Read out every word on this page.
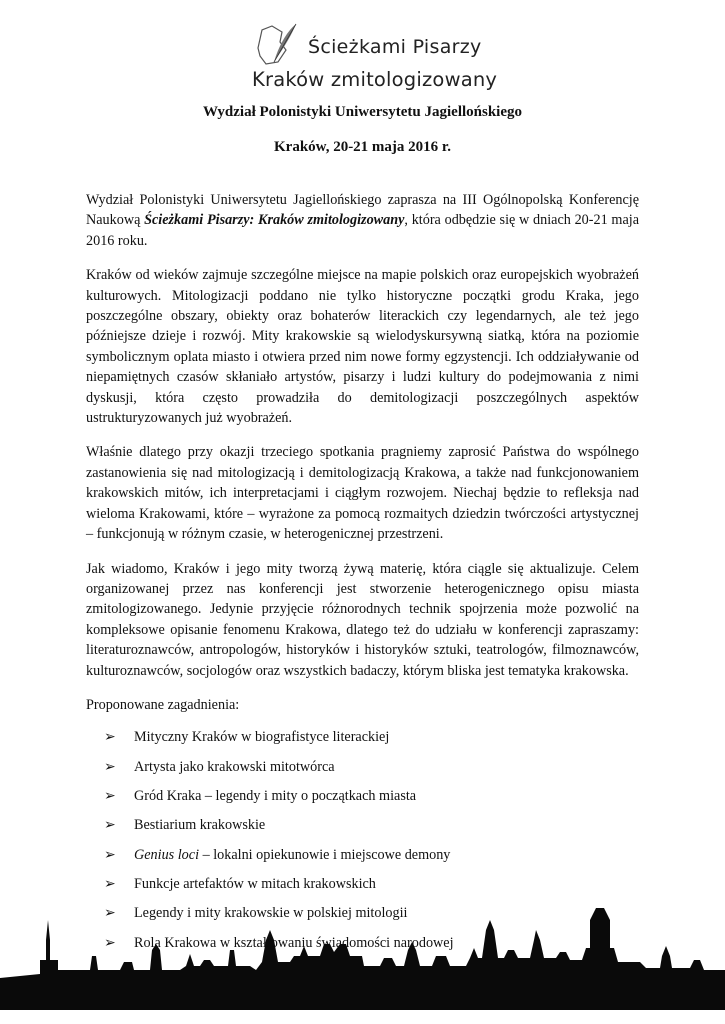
Ścieżkami Pisarzy
Kraków zmitologizowany
Wydział Polonistyki Uniwersytetu Jagiellońskiego
Kraków, 20-21 maja 2016 r.

Wydział Polonistyki Uniwersytetu Jagiellońskiego zaprasza na III Ogólnopolską Konferencję Naukową Ścieżkami Pisarzy: Kraków zmitologizowany, która odbędzie się w dniach 20-21 maja 2016 roku.

Kraków od wieków zajmuje szczególne miejsce na mapie polskich oraz europejskich wyobrażeń kulturowych. Mitologizacji poddano nie tylko historyczne początki grodu Kraka, jego poszczególne obszary, obiekty oraz bohaterów literackich czy legendarnych, ale też jego późniejsze dzieje i rozwój. Mity krakowskie są wielodyskursywną siatką, która na poziomie symbolicznym oplata miasto i otwiera przed nim nowe formy egzystencji. Ich oddziaływanie od niepamiętnych czasów skłaniało artystów, pisarzy i ludzi kultury do podejmowania z nimi dyskusji, która często prowadziła do demitologizacji poszczególnych aspektów ustrukturyzowanych już wyobrażeń.

Właśnie dlatego przy okazji trzeciego spotkania pragniemy zaprosić Państwa do wspólnego zastanowienia się nad mitologizacją i demitologizacją Krakowa, a także nad funkcjonowaniem krakowskich mitów, ich interpretacjami i ciągłym rozwojem. Niechaj będzie to refleksja nad wieloma Krakowami, które – wyrażone za pomocą rozmaitych dziedzin twórczości artystycznej – funkcjonują w różnym czasie, w heterogenicznej przestrzeni.

Jak wiadomo, Kraków i jego mity tworzą żywą materię, która ciągle się aktualizuje. Celem organizowanej przez nas konferencji jest stworzenie heterogenicznego opisu miasta zmitologizowanego. Jedynie przyjęcie różnorodnych technik spojrzenia może pozwolić na kompleksowe opisanie fenomenu Krakowa, dlatego też do udziału w konferencji zapraszamy: literaturoznawców, antropologów, historyków i historyków sztuki, teatrologów, filmoznawców, kulturoznawców, socjologów oraz wszystkich badaczy, którym bliska jest tematyka krakowska.

Proponowane zagadnienia:

➢	Mityczny Kraków w biografistyce literackiej
➢	Artysta jako krakowski mitotwórca
➢	Gród Kraka – legendy i mity o początkach miasta
➢	Bestiarium krakowskie
➢	Genius loci – lokalni opiekunowie i miejscowe demony
➢	Funkcje artefaktów w mitach krakowskich
➢	Legendy i mity krakowskie w polskiej mitologii
➢	Rola Krakowa w kształtowaniu świadomości narodowej
